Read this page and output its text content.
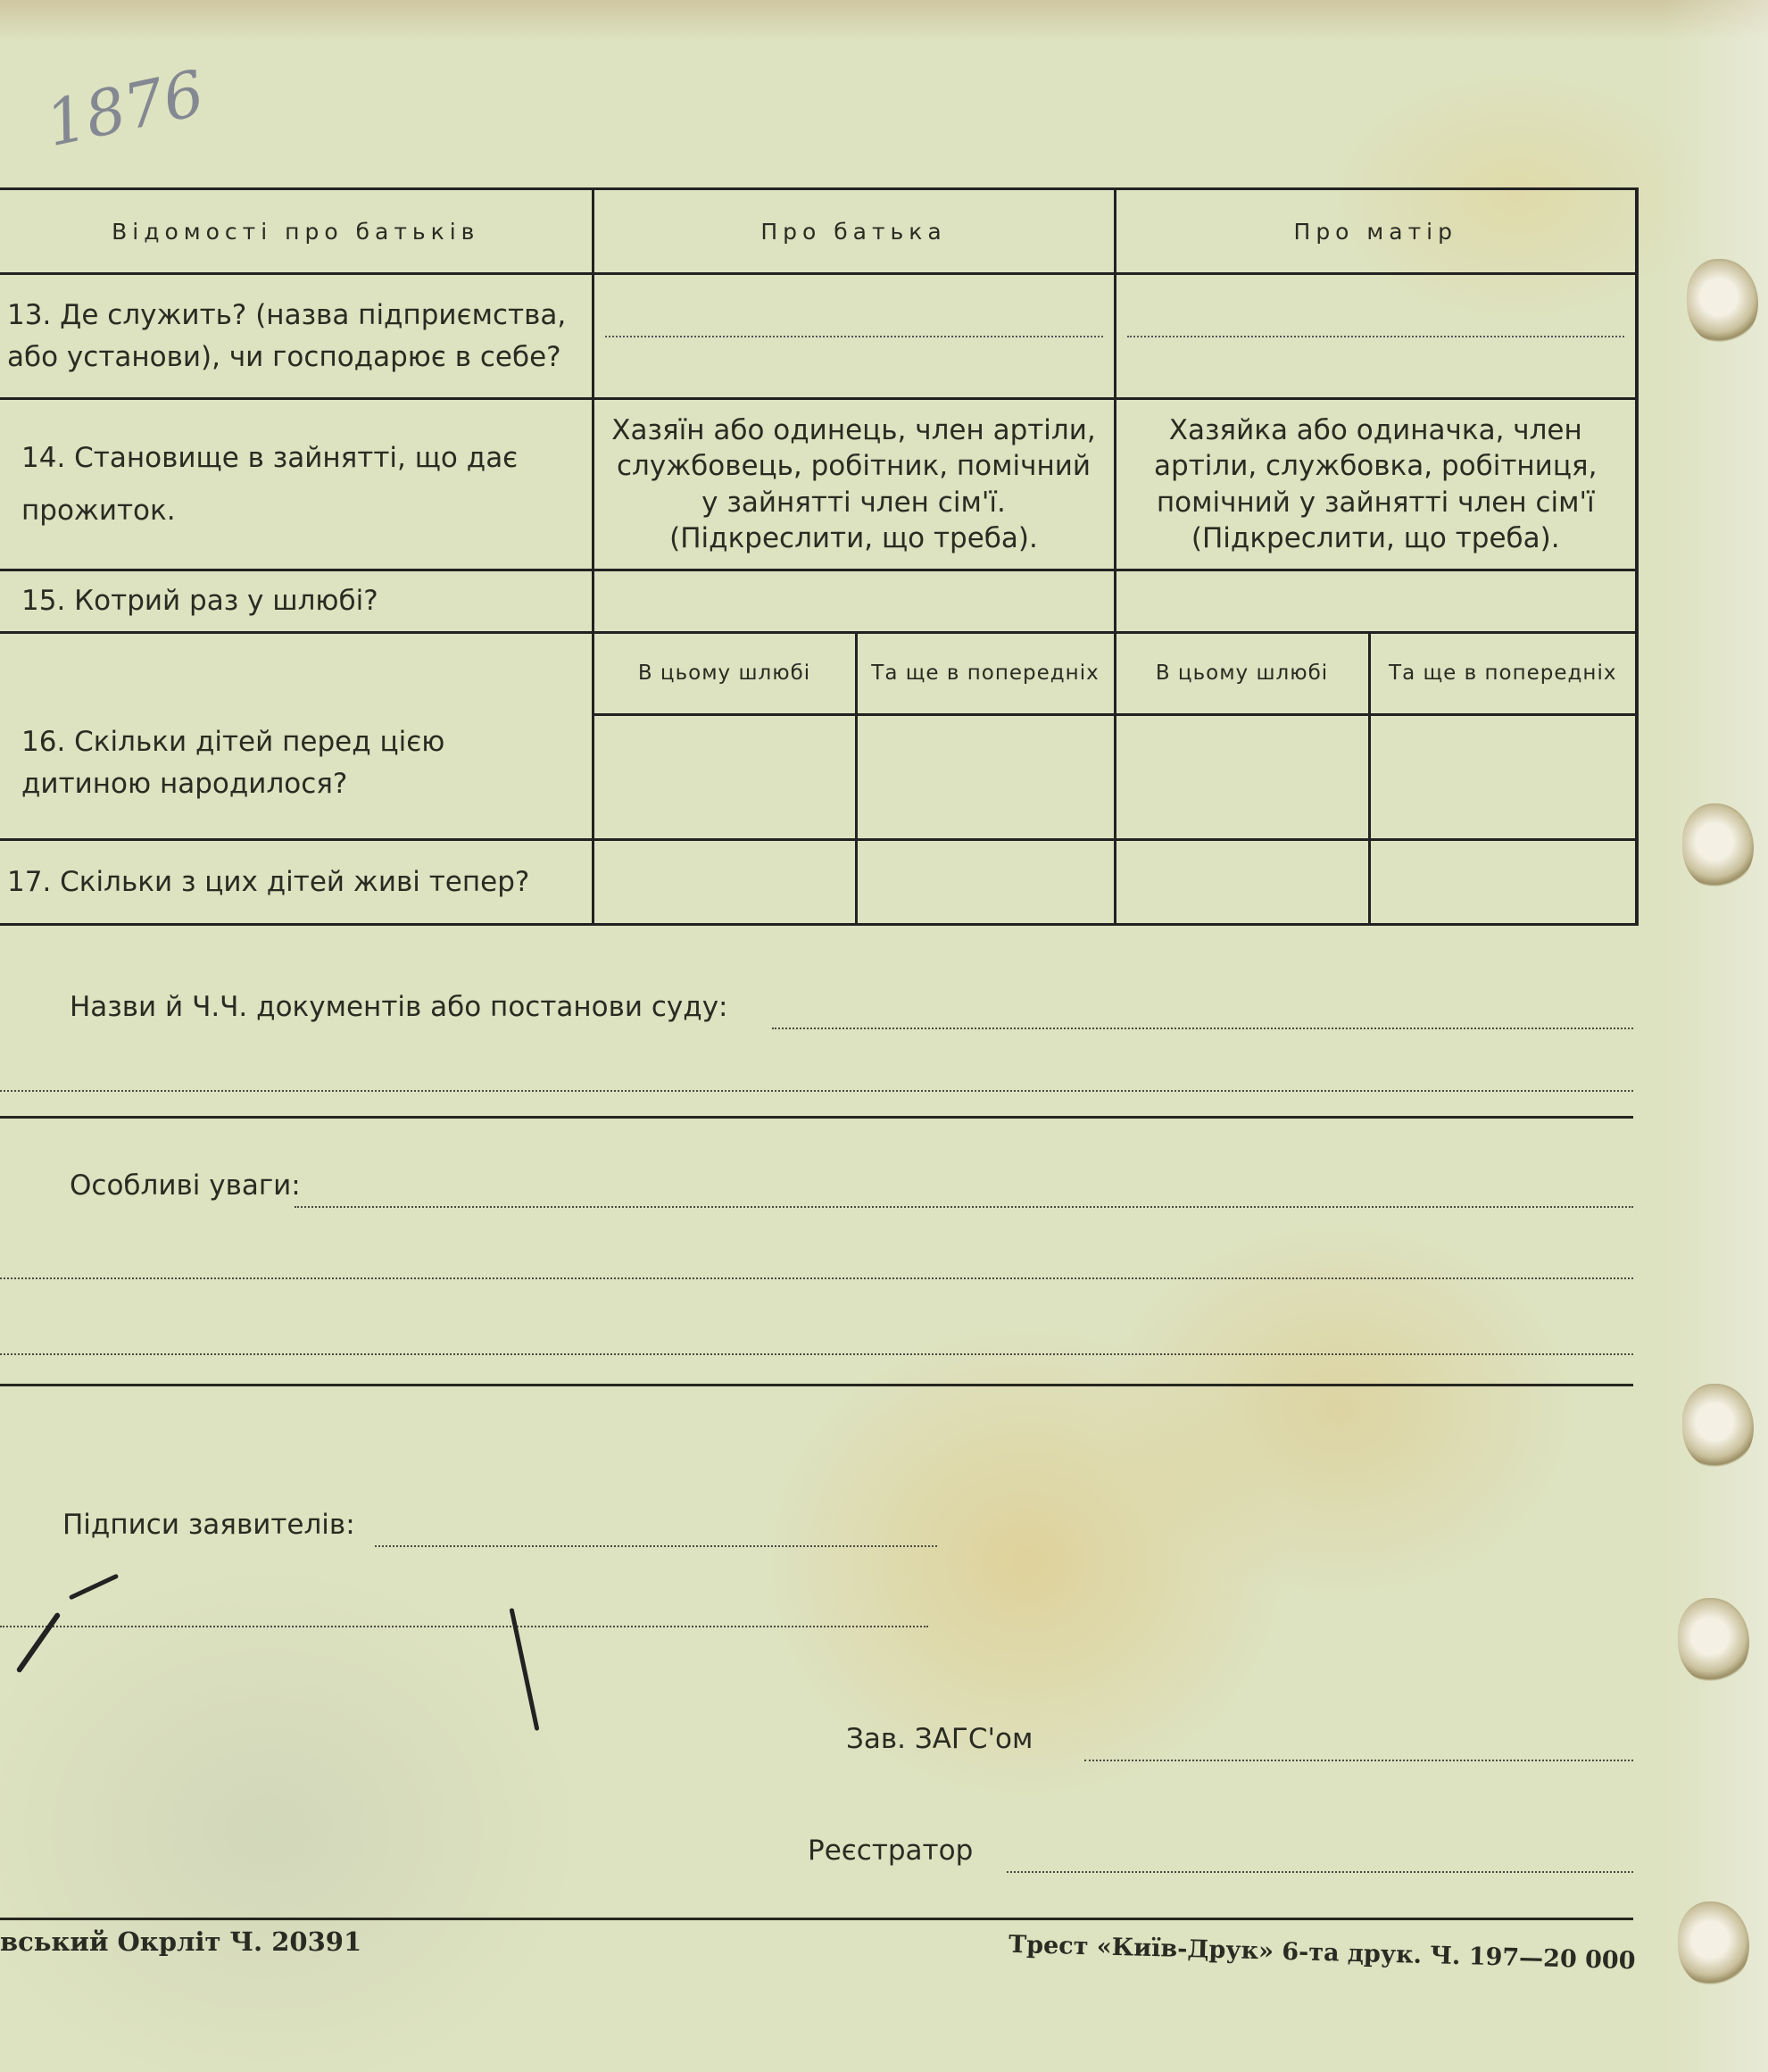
1876
Відомості про батьків	Про батька		Про матір	
13. Де служить? (назва підприємства, або установи), чи господарює в себе?			

14. Становище в зайнятті, що дає прожиток.	Хазяїн або одинець, член артіли, службовець, робітник, помічний у зайнятті член сім'ї. (Підкреслити, що треба).		Хазяйка або одиначка, член артіли, службовка, робітниця, помічний у зайнятті член сім'ї (Підкреслити, що треба).	
15. Котрий раз у шлюбі?				
16. Скільки дітей перед цією дитиною народилося?	В цьому шлюбі	Та ще в попередніх	В цьому шлюбі	Та ще в попередніх

17. Скільки з цих дітей живі тепер?				
Назви й Ч.Ч. документів або постанови суду:
Особливі уваги:
Підписи заявителів:
Зав. ЗАГС'ом
Реєстратор
вський Окрліт Ч. 20391	Трест «Київ-Друк» 6-та друк. Ч. 197—20 000
